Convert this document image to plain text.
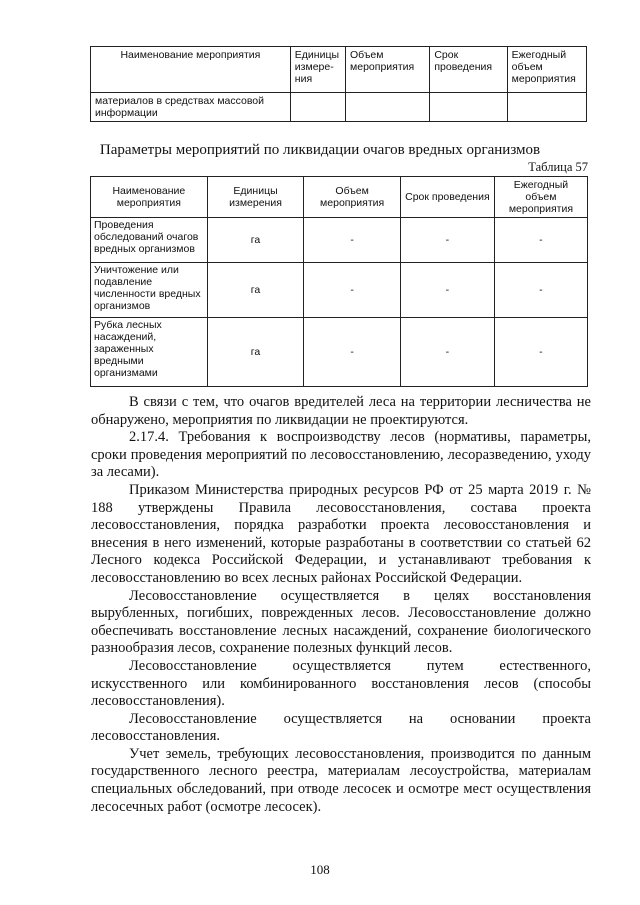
Наименование мероприятия	Единицы измере-ния	Объем мероприятия	Срок проведения	Ежегодный объем мероприятия
материалов в средствах массовой информации				
Параметры мероприятий по ликвидации очагов вредных организмов
Таблица 57
Наименование мероприятия	Единицы измерения	Объем мероприятия	Срок проведения	Ежегодный объем мероприятия
Проведения обследований очагов вредных организмов	га	-	-	-
Уничтожение или подавление численности вредных организмов	га	-	-	-
Рубка лесных насаждений, зараженных вредными организмами	га	-	-	-

В связи с тем, что очагов вредителей леса на территории лесничества не обнаружено, мероприятия по ликвидации не проектируются.

2.17.4. Требования к воспроизводству лесов (нормативы, параметры, сроки проведения мероприятий по лесовосстановлению, лесоразведению, уходу за лесами).

Приказом Министерства природных ресурсов РФ от 25 марта 2019 г. № 188 утверждены Правила лесовосстановления, состава проекта лесовосстановления, порядка разработки проекта лесовосстановления и внесения в него изменений, которые разработаны в соответствии со статьей 62 Лесного кодекса Российской Федерации, и устанавливают требования к лесовосстановлению во всех лесных районах Российской Федерации.

Лесовосстановление осуществляется в целях восстановления вырубленных, погибших, поврежденных лесов. Лесовосстановление должно обеспечивать восстановление лесных насаждений, сохранение биологического разнообразия лесов, сохранение полезных функций лесов.

Лесовосстановление осуществляется путем естественного, искусственного или комбинированного восстановления лесов (способы лесовосстановления).

Лесовосстановление осуществляется на основании проекта лесовосстановления.

Учет земель, требующих лесовосстановления, производится по данным государственного лесного реестра, материалам лесоустройства, материалам специальных обследований, при отводе лесосек и осмотре мест осуществления лесосечных работ (осмотре лесосек).

108
